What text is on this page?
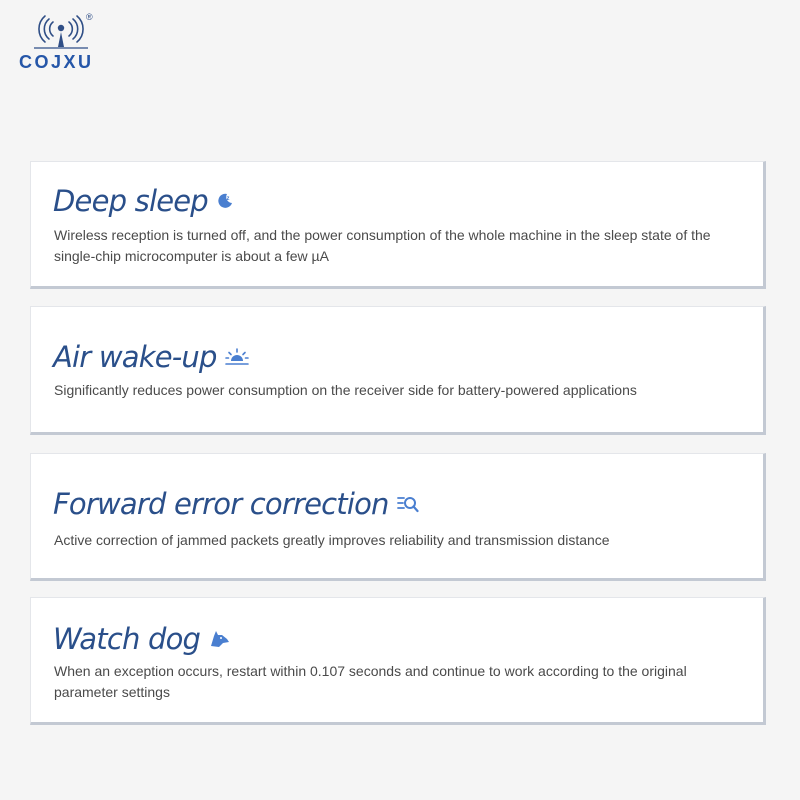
®
COJXU
Deep sleep	z
Wireless reception is turned off, and the power consumption of the whole machine in the sleep state of the single-chip microcomputer is about a few µA
Air wake-up
Significantly reduces power consumption on the receiver side for battery-powered applications
Forward error correction
Active correction of jammed packets greatly improves reliability and transmission distance
Watch dog
When an exception occurs, restart within 0.107 seconds and continue to work according to the original parameter settings
